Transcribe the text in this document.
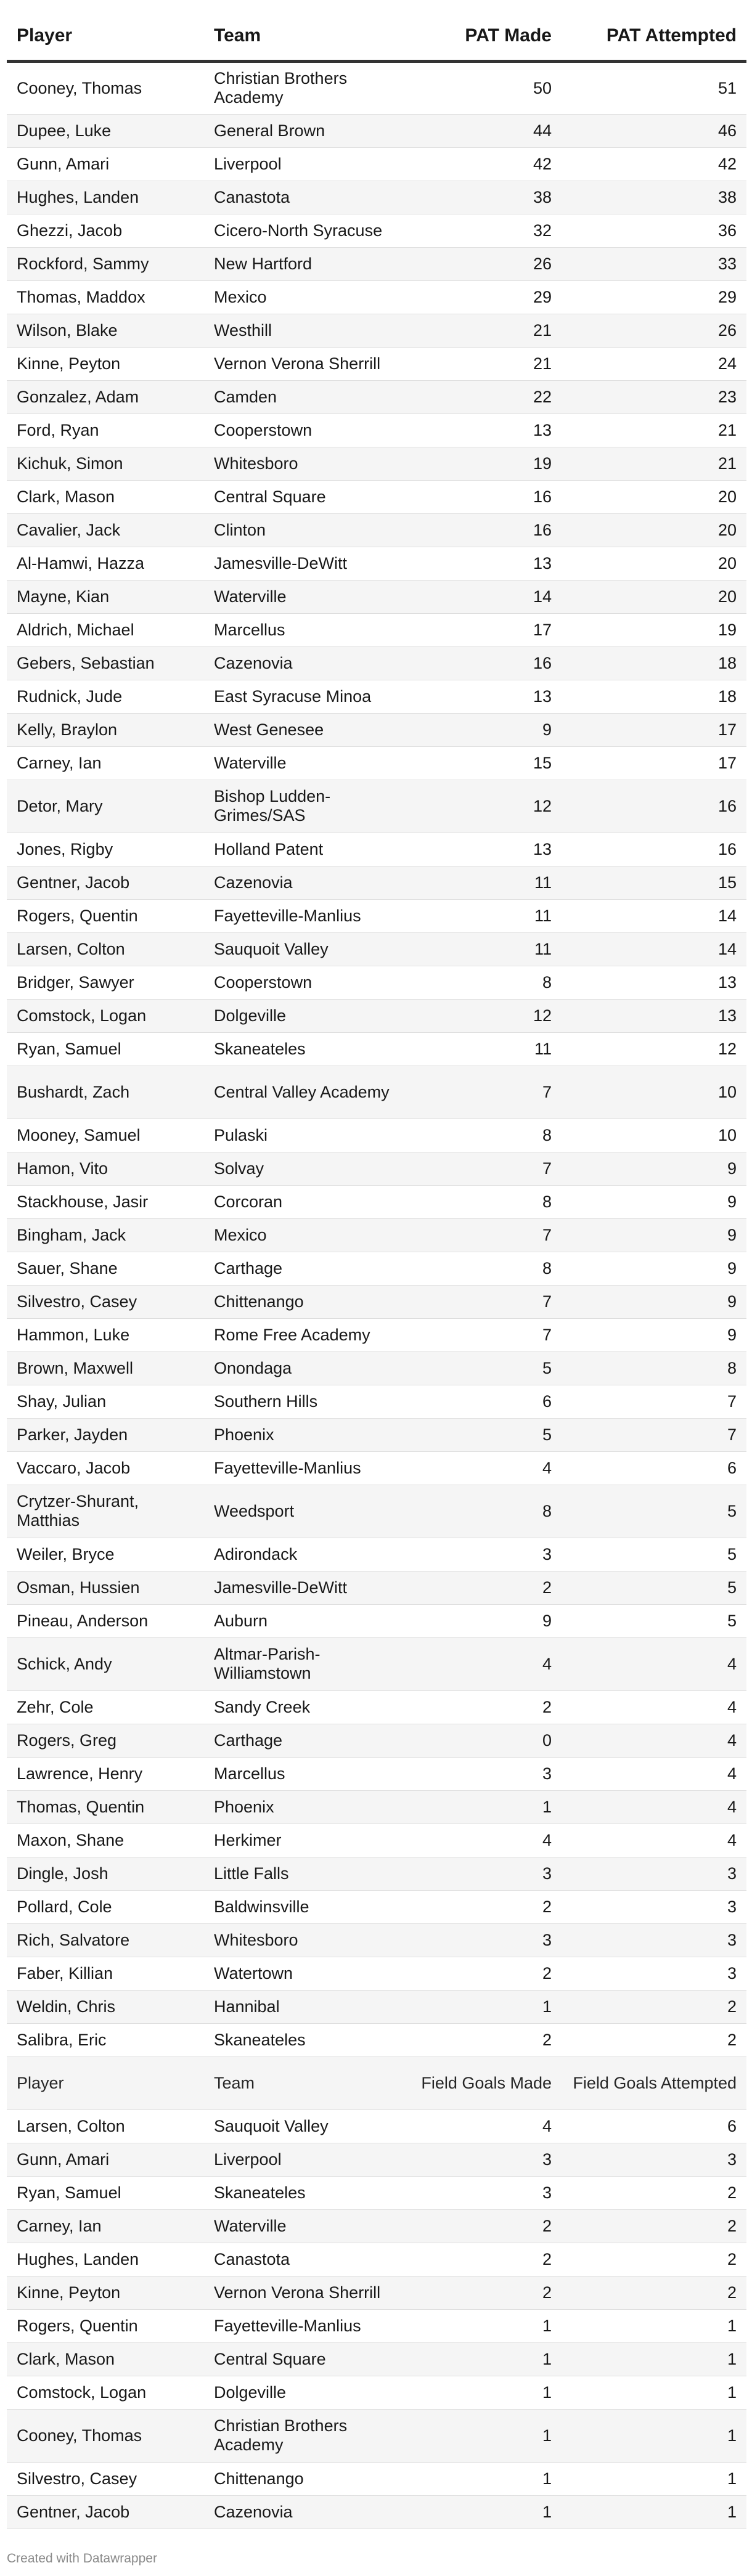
Player	Team	PAT Made	PAT Attempted
Cooney, Thomas	Christian Brothers Academy	50	51
Dupee, Luke	General Brown	44	46
Gunn, Amari	Liverpool	42	42
Hughes, Landen	Canastota	38	38
Ghezzi, Jacob	Cicero-North Syracuse	32	36
Rockford, Sammy	New Hartford	26	33
Thomas, Maddox	Mexico	29	29
Wilson, Blake	Westhill	21	26
Kinne, Peyton	Vernon Verona Sherrill	21	24
Gonzalez, Adam	Camden	22	23
Ford, Ryan	Cooperstown	13	21
Kichuk, Simon	Whitesboro	19	21
Clark, Mason	Central Square	16	20
Cavalier, Jack	Clinton	16	20
Al-Hamwi, Hazza	Jamesville-DeWitt	13	20
Mayne, Kian	Waterville	14	20
Aldrich, Michael	Marcellus	17	19
Gebers, Sebastian	Cazenovia	16	18
Rudnick, Jude	East Syracuse Minoa	13	18
Kelly, Braylon	West Genesee	9	17
Carney, Ian	Waterville	15	17
Detor, Mary	Bishop Ludden-Grimes/SAS	12	16
Jones, Rigby	Holland Patent	13	16
Gentner, Jacob	Cazenovia	11	15
Rogers, Quentin	Fayetteville-Manlius	11	14
Larsen, Colton	Sauquoit Valley	11	14
Bridger, Sawyer	Cooperstown	8	13
Comstock, Logan	Dolgeville	12	13
Ryan, Samuel	Skaneateles	11	12
Bushardt, Zach	Central Valley Academy	7	10
Mooney, Samuel	Pulaski	8	10
Hamon, Vito	Solvay	7	9
Stackhouse, Jasir	Corcoran	8	9
Bingham, Jack	Mexico	7	9
Sauer, Shane	Carthage	8	9
Silvestro, Casey	Chittenango	7	9
Hammon, Luke	Rome Free Academy	7	9
Brown, Maxwell	Onondaga	5	8
Shay, Julian	Southern Hills	6	7
Parker, Jayden	Phoenix	5	7
Vaccaro, Jacob	Fayetteville-Manlius	4	6
Crytzer-Shurant, Matthias	Weedsport	8	5
Weiler, Bryce	Adirondack	3	5
Osman, Hussien	Jamesville-DeWitt	2	5
Pineau, Anderson	Auburn	9	5
Schick, Andy	Altmar-Parish-Williamstown	4	4
Zehr, Cole	Sandy Creek	2	4
Rogers, Greg	Carthage	0	4
Lawrence, Henry	Marcellus	3	4
Thomas, Quentin	Phoenix	1	4
Maxon, Shane	Herkimer	4	4
Dingle, Josh	Little Falls	3	3
Pollard, Cole	Baldwinsville	2	3
Rich, Salvatore	Whitesboro	3	3
Faber, Killian	Watertown	2	3
Weldin, Chris	Hannibal	1	2
Salibra, Eric	Skaneateles	2	2
Player	Team	Field Goals Made	Field Goals Attempted
Larsen, Colton	Sauquoit Valley	4	6
Gunn, Amari	Liverpool	3	3
Ryan, Samuel	Skaneateles	3	2
Carney, Ian	Waterville	2	2
Hughes, Landen	Canastota	2	2
Kinne, Peyton	Vernon Verona Sherrill	2	2
Rogers, Quentin	Fayetteville-Manlius	1	1
Clark, Mason	Central Square	1	1
Comstock, Logan	Dolgeville	1	1
Cooney, Thomas	Christian Brothers Academy	1	1
Silvestro, Casey	Chittenango	1	1
Gentner, Jacob	Cazenovia	1	1
Created with Datawrapper
